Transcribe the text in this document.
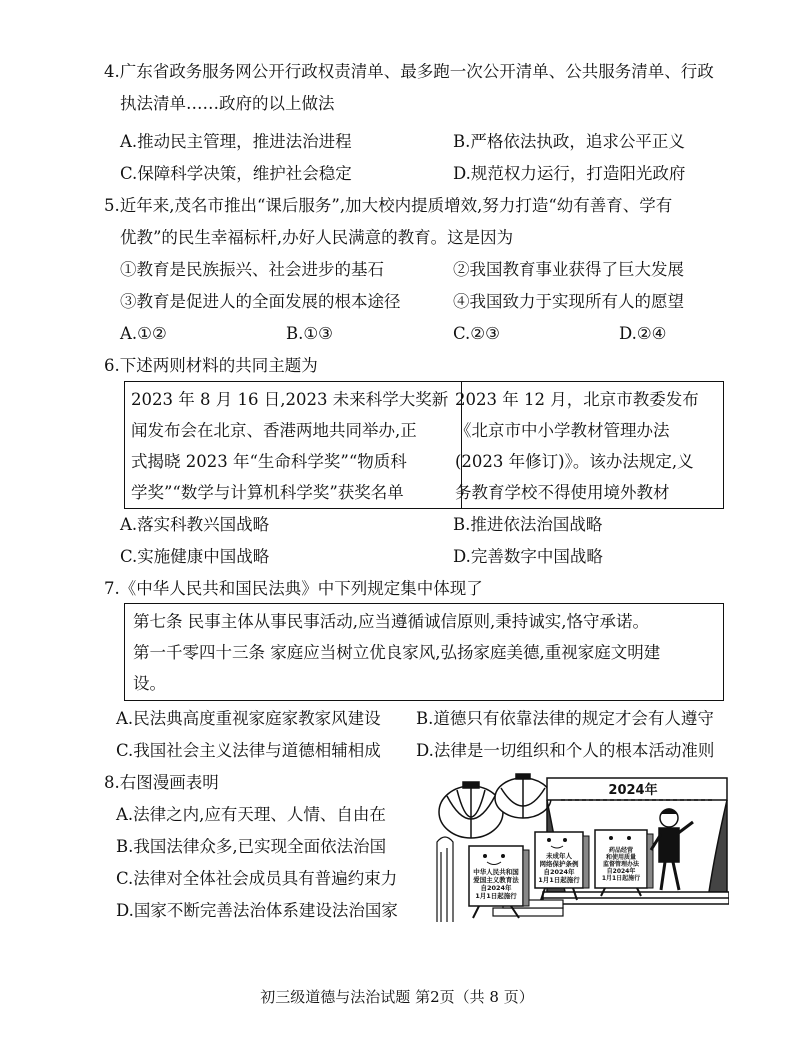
4.广东省政务服务网公开行政权责清单、最多跑一次公开清单、公共服务清单、行政
执法清单……政府的以上做法
A.推动民主管理，推进法治进程	B.严格依法执政，追求公平正义
C.保障科学决策，维护社会稳定	D.规范权力运行，打造阳光政府
5.近年来,茂名市推出“课后服务”,加大校内提质增效,努力打造“幼有善育、学有
优教”的民生幸福标杆,办好人民满意的教育。这是因为
①教育是民族振兴、社会进步的基石	②我国教育事业获得了巨大发展
③教育是促进人的全面发展的根本途径	④我国致力于实现所有人的愿望
A.①②	B.①③	C.②③	D.②④
6.下述两则材料的共同主题为
2023 年 8 月 16 日,2023 未来科学大奖新
闻发布会在北京、香港两地共同举办,正
式揭晓 2023 年“生命科学奖”“物质科
学奖”“数学与计算机科学奖”获奖名单
2023 年 12 月，北京市教委发布
《北京市中小学教材管理办法
(2023 年修订)》。该办法规定,义
务教育学校不得使用境外教材
A.落实科教兴国战略	B.推进依法治国战略
C.实施健康中国战略	D.完善数字中国战略
7.《中华人民共和国民法典》中下列规定集中体现了
第七条 民事主体从事民事活动,应当遵循诚信原则,秉持诚实,恪守承诺。
第一千零四十三条 家庭应当树立优良家风,弘扬家庭美德,重视家庭文明建
设。
A.民法典高度重视家庭家教家风建设 B.道德只有依靠法律的规定才会有人遵守
C.我国社会主义法律与道德相辅相成 D.法律是一切组织和个人的根本活动准则
8.右图漫画表明
A.法律之内,应有天理、人情、自由在
B.我国法律众多,已实现全面依法治国
C.法律对全体社会成员具有普遍约束力
D.国家不断完善法治体系建设法治国家
2024年
中华人民共和国
爱国主义教育法
自2024年
1月1日起施行
未成年人
网络保护条例
自2024年
1月1日起施行
药品经营
和使用质量
监督管理办法
自2024年
1月1日起施行
初三级道德与法治试题 第2页（共 8 页）
